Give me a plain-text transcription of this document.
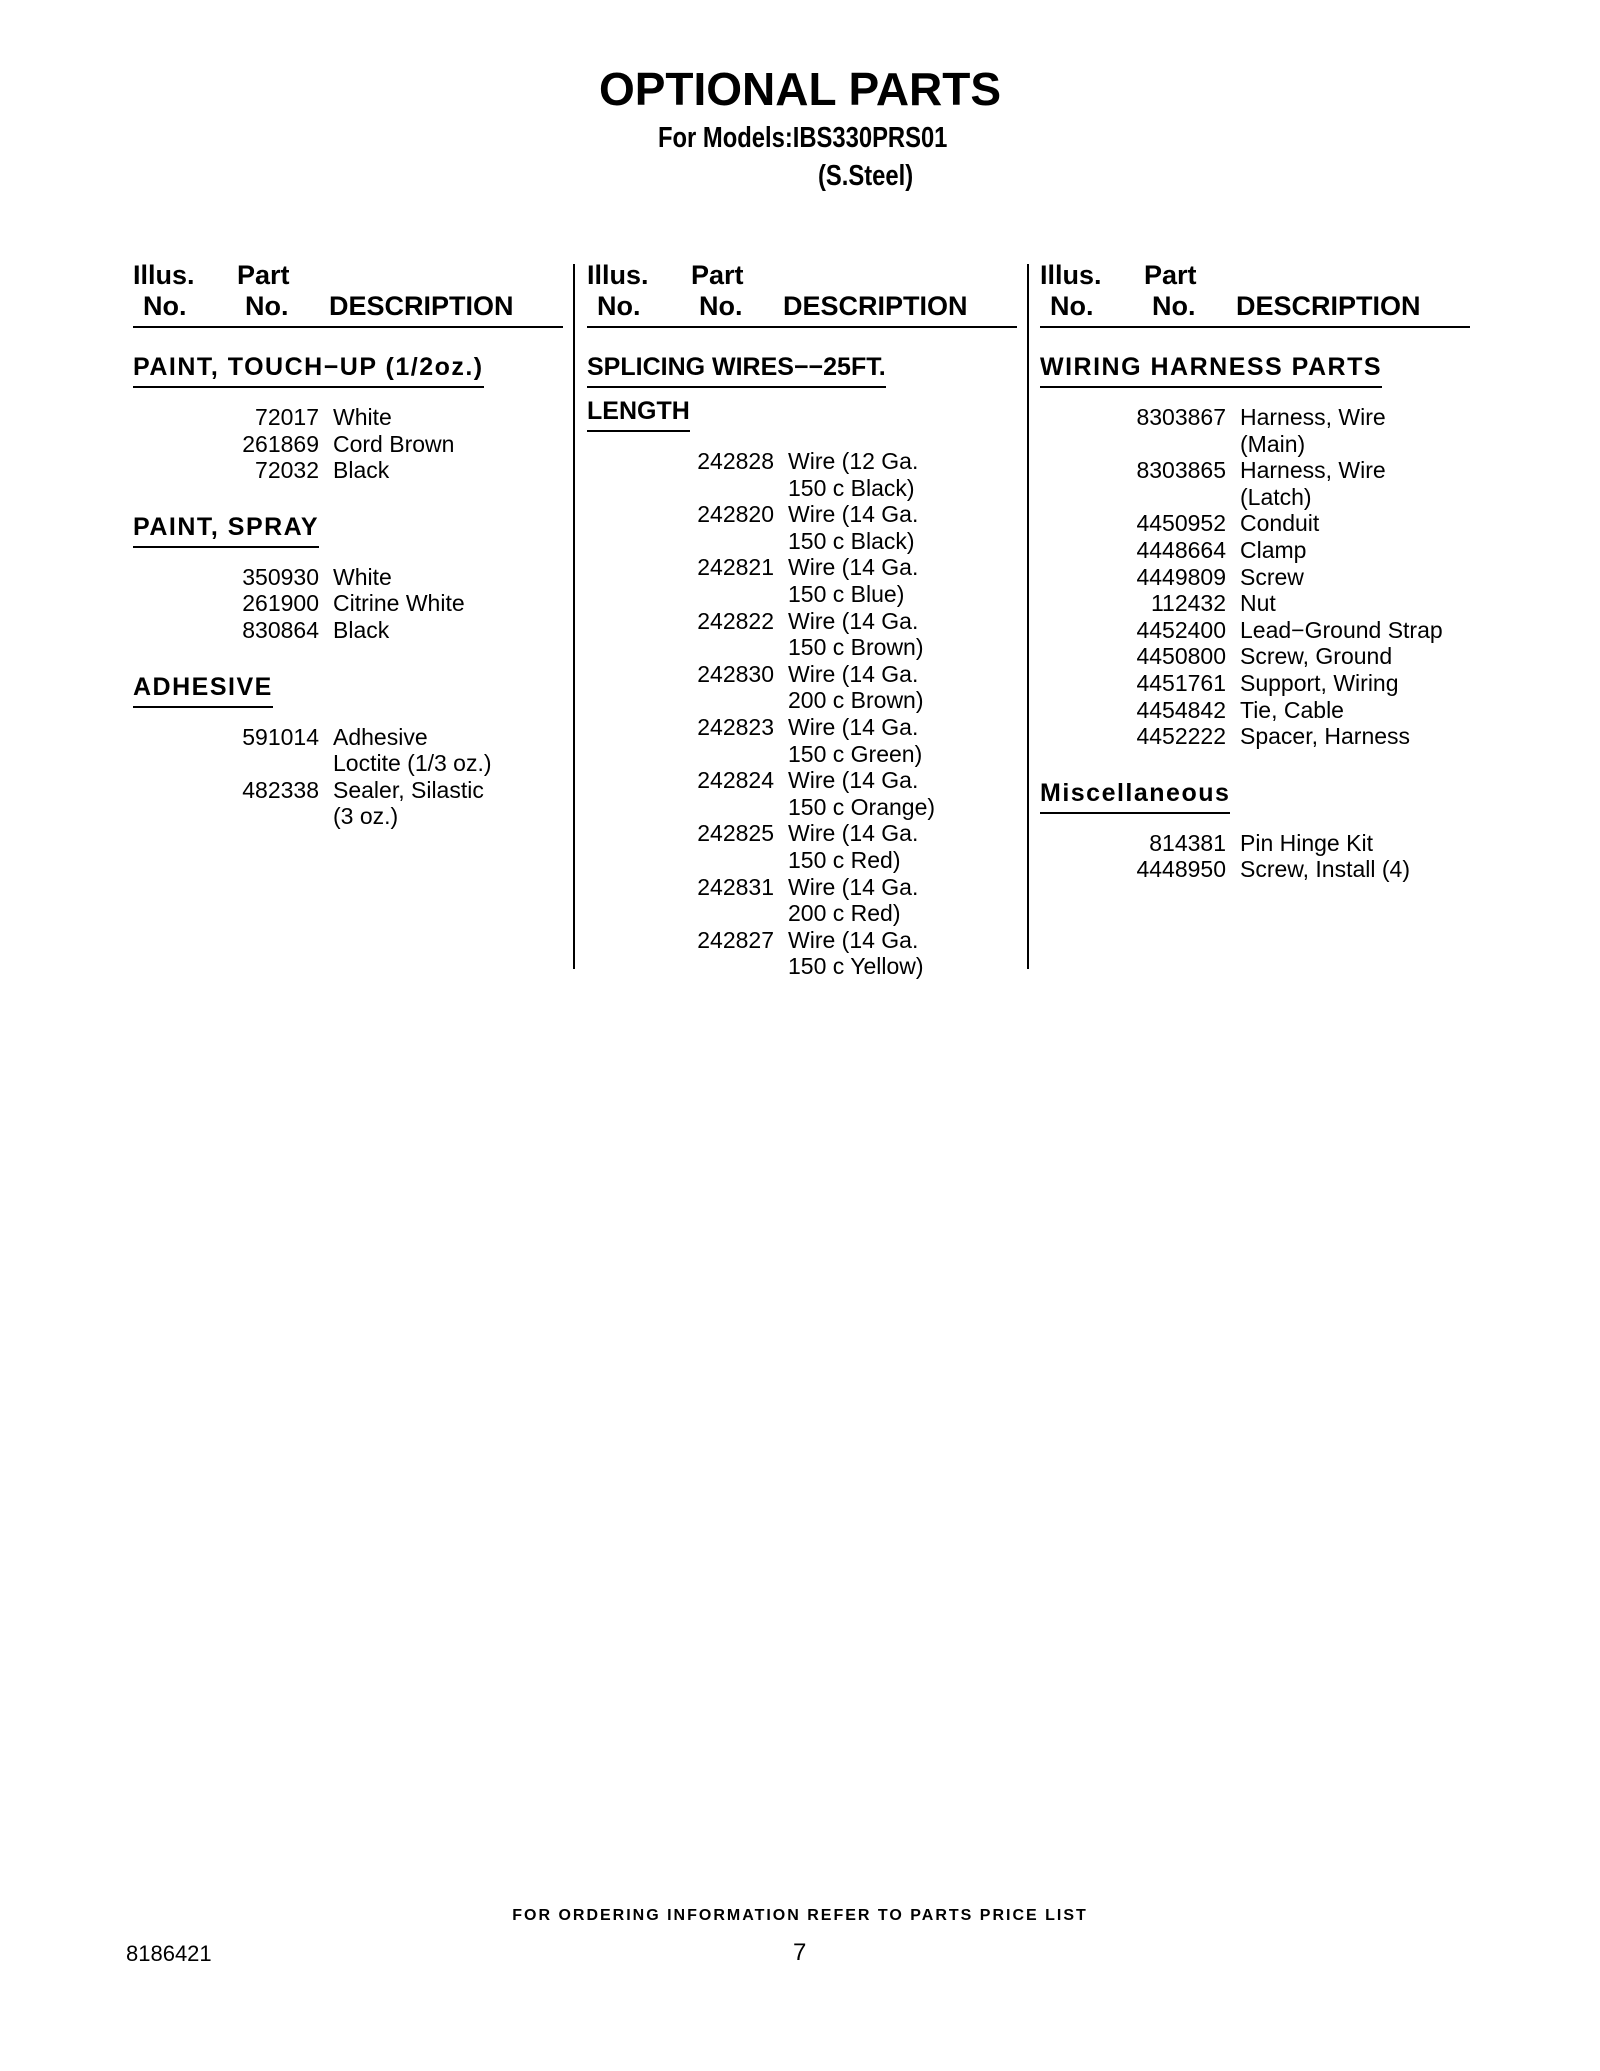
OPTIONAL PARTS
For Models:IBS330PRS01
(S.Steel)
Illus.
No.
Part
No. DESCRIPTION
PAINT, TOUCH−UP (1/2oz.)
72017 White
261869 Cord Brown
72032 Black
PAINT, SPRAY
350930 White
261900 Citrine White
830864 Black
ADHESIVE
591014 Adhesive
Loctite (1/3 oz.)
482338 Sealer, Silastic
(3 oz.)
Illus.
No.
Part
No. DESCRIPTION
SPLICING WIRES−−25FT.
LENGTH
242828 Wire (12 Ga.
150 c Black)
242820 Wire (14 Ga.
150 c Black)
242821 Wire (14 Ga.
150 c Blue)
242822 Wire (14 Ga.
150 c Brown)
242830 Wire (14 Ga.
200 c Brown)
242823 Wire (14 Ga.
150 c Green)
242824 Wire (14 Ga.
150 c Orange)
242825 Wire (14 Ga.
150 c Red)
242831 Wire (14 Ga.
200 c Red)
242827 Wire (14 Ga.
150 c Yellow)
Illus.
No.
Part
No. DESCRIPTION
WIRING HARNESS PARTS
8303867 Harness, Wire
(Main)
8303865 Harness, Wire
(Latch)
4450952 Conduit
4448664 Clamp
4449809 Screw
112432 Nut
4452400 Lead−Ground Strap
4450800 Screw, Ground
4451761 Support, Wiring
4454842 Tie, Cable
4452222 Spacer, Harness
Miscellaneous
814381 Pin Hinge Kit
4448950 Screw, Install (4)
FOR ORDERING INFORMATION REFER TO PARTS PRICE LIST
8186421	7
